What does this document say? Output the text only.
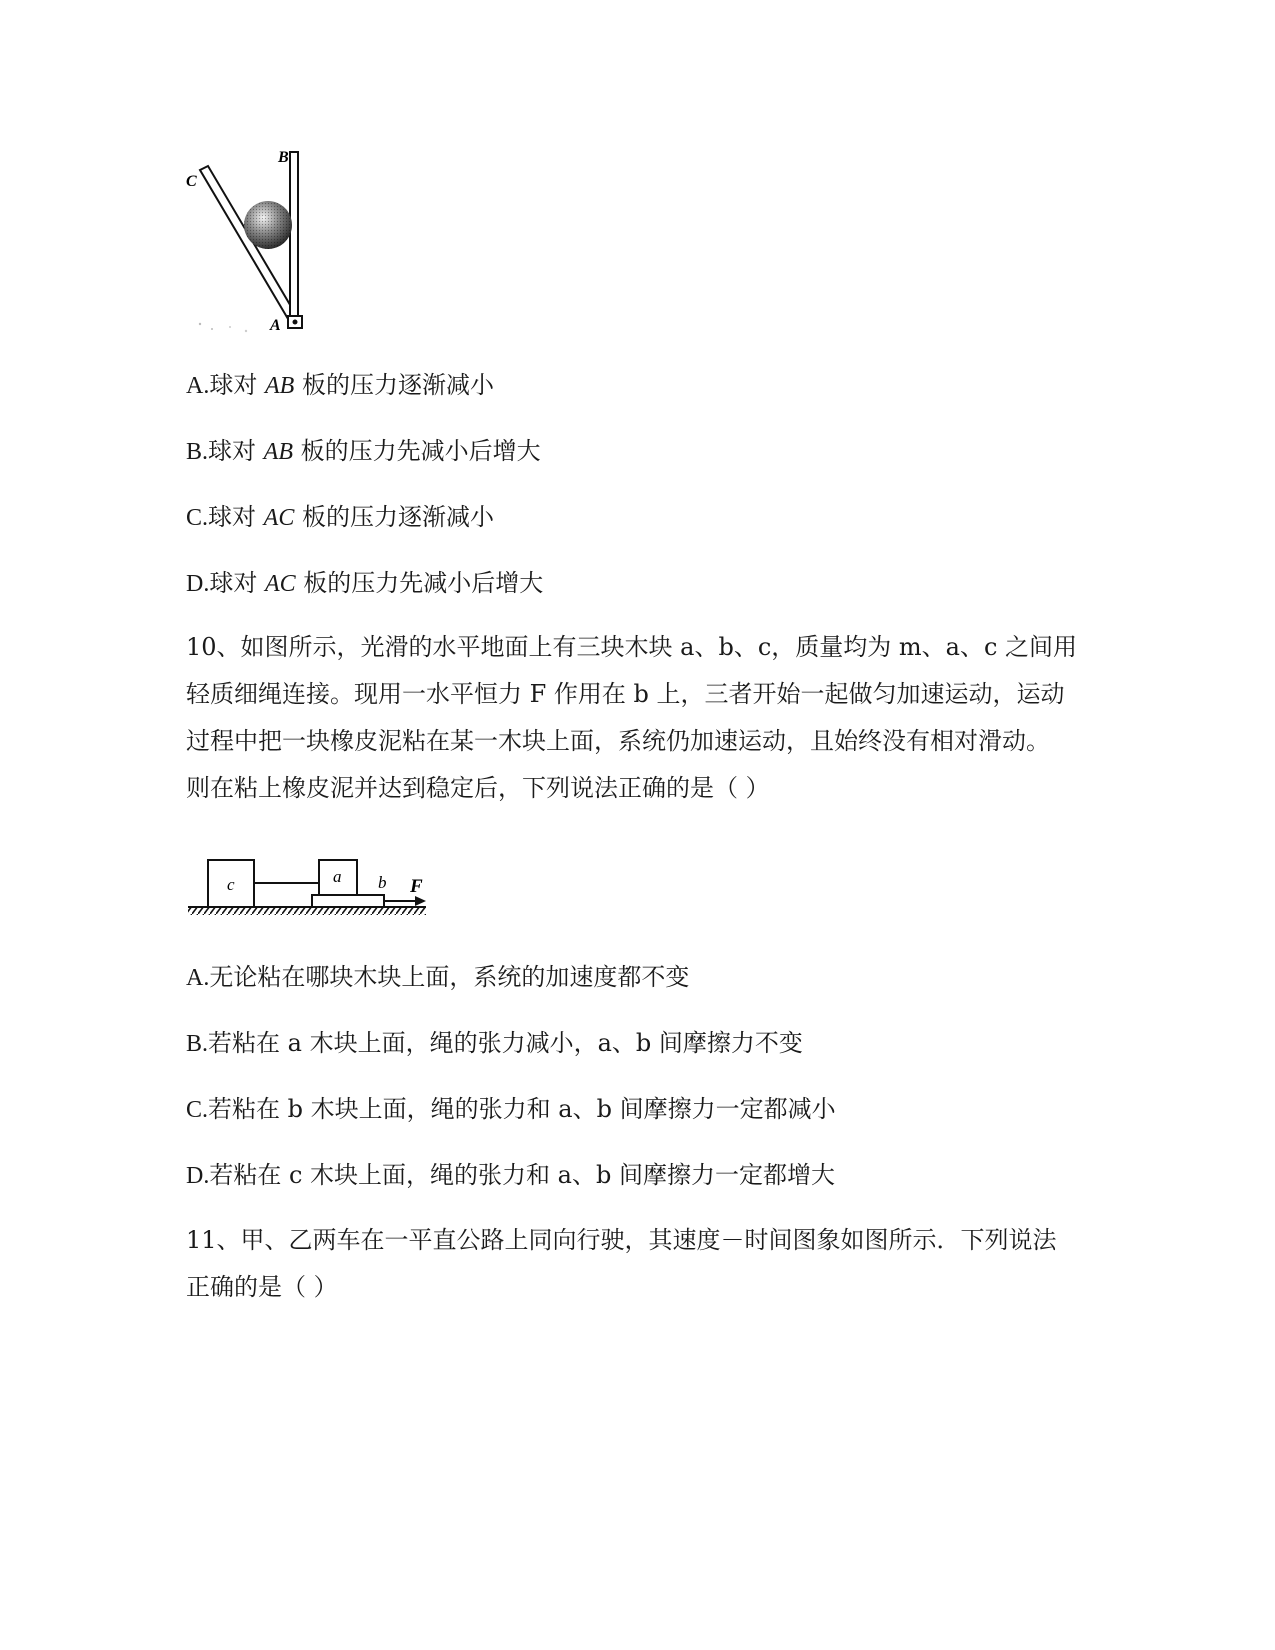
C
B
A

A.球对 AB 板的压力逐渐减小

B.球对 AB 板的压力先减小后增大

C.球对 AC 板的压力逐渐减小

D.球对 AC 板的压力先减小后增大

10、如图所示，光滑的水平地面上有三块木块 a、b、c，质量均为 m、a、c 之间用
轻质细绳连接。现用一水平恒力 F 作用在 b 上，三者开始一起做匀加速运动，运动
过程中把一块橡皮泥粘在某一木块上面，系统仍加速运动，且始终没有相对滑动。
则在粘上橡皮泥并达到稳定后，下列说法正确的是（ ）
c	a b F

A.无论粘在哪块木块上面，系统的加速度都不变

B.若粘在 a 木块上面，绳的张力减小，a、b 间摩擦力不变

C.若粘在 b 木块上面，绳的张力和 a、b 间摩擦力一定都减小

D.若粘在 c 木块上面，绳的张力和 a、b 间摩擦力一定都增大

11、甲、乙两车在一平直公路上同向行驶，其速度－时间图象如图所示．下列说法
正确的是（ ）
